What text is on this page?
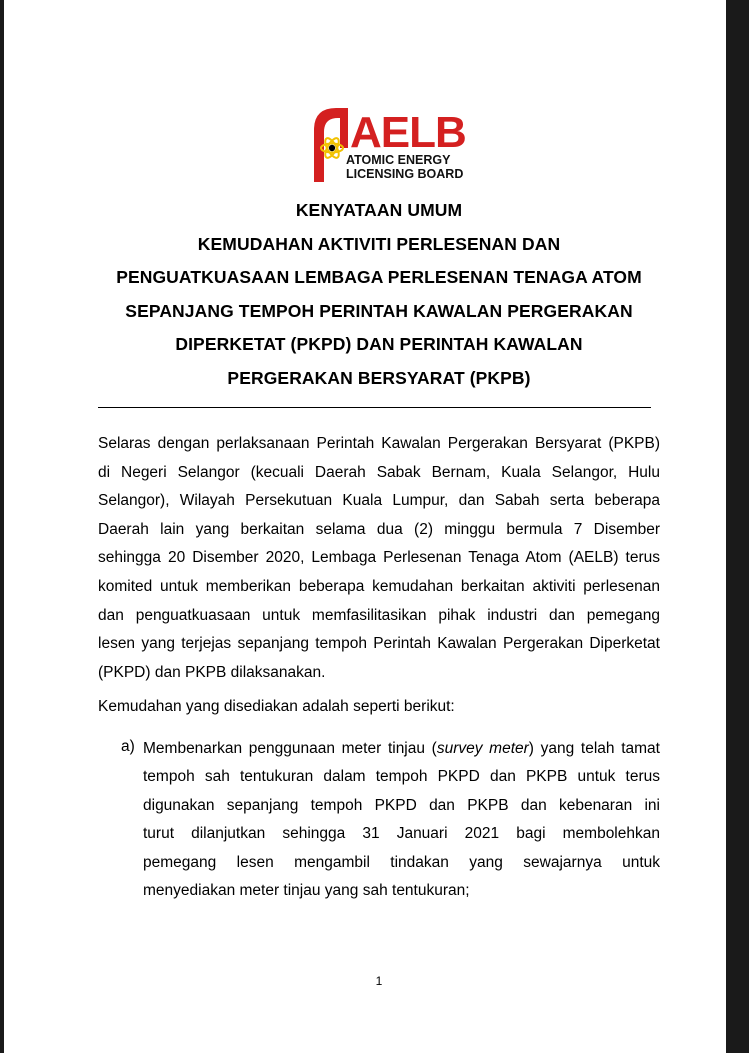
AELB
ATOMIC ENERGY
LICENSING BOARD
KENYATAAN UMUM
KEMUDAHAN AKTIVITI PERLESENAN DAN
PENGUATKUASAAN LEMBAGA PERLESENAN TENAGA ATOM
SEPANJANG TEMPOH PERINTAH KAWALAN PERGERAKAN
DIPERKETAT (PKPD) DAN PERINTAH KAWALAN
PERGERAKAN BERSYARAT (PKPB)
Selaras dengan perlaksanaan Perintah Kawalan Pergerakan Bersyarat (PKPB)
di Negeri Selangor (kecuali Daerah Sabak Bernam, Kuala Selangor, Hulu
Selangor), Wilayah Persekutuan Kuala Lumpur, dan Sabah serta beberapa
Daerah lain yang berkaitan selama dua (2) minggu bermula 7 Disember
sehingga 20 Disember 2020, Lembaga Perlesenan Tenaga Atom (AELB) terus
komited untuk memberikan beberapa kemudahan berkaitan aktiviti perlesenan
dan penguatkuasaan untuk memfasilitasikan pihak industri dan pemegang
lesen yang terjejas sepanjang tempoh Perintah Kawalan Pergerakan Diperketat
(PKPD) dan PKPB dilaksanakan.
Kemudahan yang disediakan adalah seperti berikut:
a) Membenarkan penggunaan meter tinjau (survey meter) yang telah tamat
tempoh sah tentukuran dalam tempoh PKPD dan PKPB untuk terus
digunakan sepanjang tempoh PKPD dan PKPB dan kebenaran ini
turut dilanjutkan sehingga 31 Januari 2021 bagi membolehkan
pemegang lesen mengambil tindakan yang sewajarnya untuk
menyediakan meter tinjau yang sah tentukuran;
1
